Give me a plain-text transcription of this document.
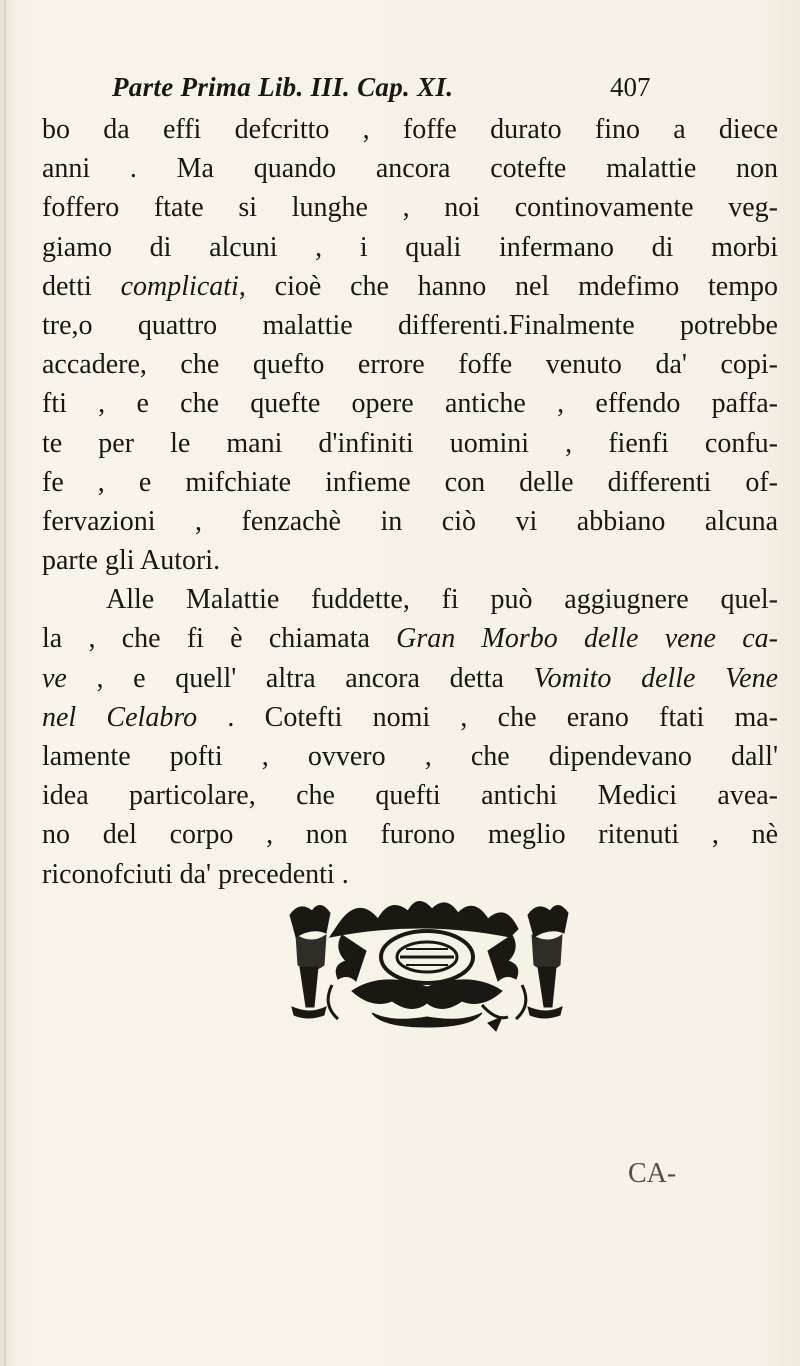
Parte Prima Lib. III. Cap. XI.	407
bo da effi defcritto , foffe durato fino a diece
anni . Ma quando ancora cotefte malattie non
foffero ftate si lunghe , noi continovamente veg-
giamo di alcuni , i quali infermano di morbi
detti complicati, cioè che hanno nel mdefimo tempo
tre,o quattro malattie differenti.Finalmente potrebbe
accadere, che quefto errore foffe venuto da' copi-
fti , e che quefte opere antiche , effendo paffa-
te per le mani d'infiniti uomini , fienfi confu-
fe , e mifchiate infieme con delle differenti of-
fervazioni , fenzachè in ciò vi abbiano alcuna
parte gli Autori.
Alle Malattie fuddette, fi può aggiugnere quel-
la , che fi è chiamata Gran Morbo delle vene ca-
ve , e quell' altra ancora detta Vomito delle Vene
nel Celabro . Cotefti nomi , che erano ftati ma-
lamente pofti , ovvero , che dipendevano dall'
idea particolare, che quefti antichi Medici avea-
no del corpo , non furono meglio ritenuti , nè
riconofciuti da' precedenti .
CA-
